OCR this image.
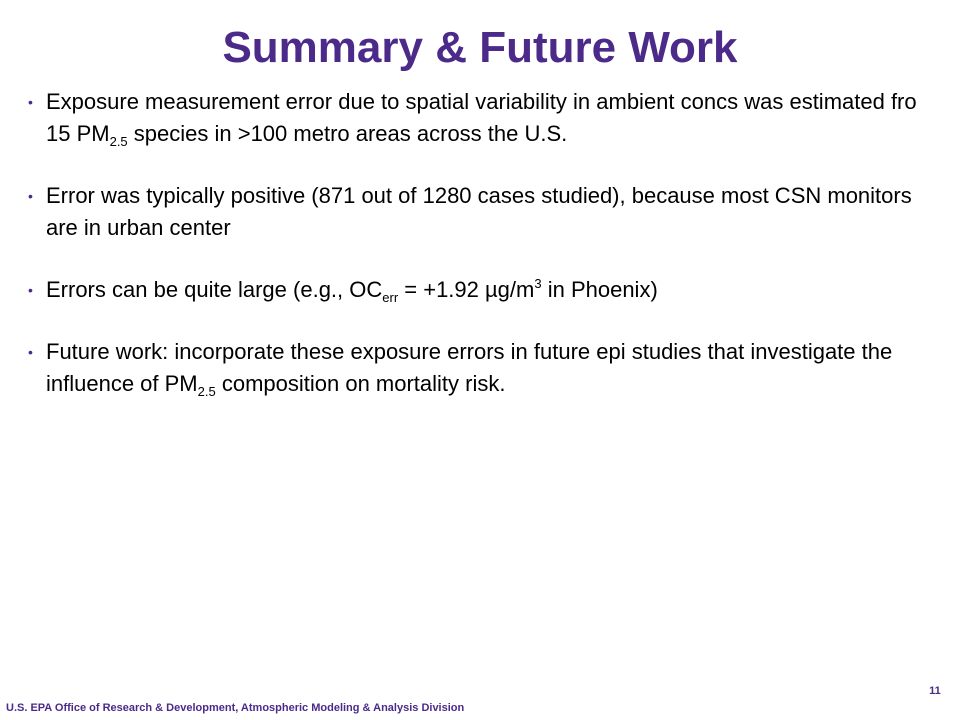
Summary & Future Work
• Exposure measurement error due to spatial variability in ambient concs was estimated fro 15 $PM_{2.5}$ species in >100 metro areas across the U.S.
• Error was typically positive (871 out of 1280 cases studied), because most CSN monitors are in urban center
• Errors can be quite large (e.g., $OC_{err} = +1.92$ $\mu g/m^3$ in Phoenix)
• Future work: incorporate these exposure errors in future epi studies that investigate the influence of $PM_{2.5}$ composition on mortality risk.
11
U.S. EPA Office of Research & Development, Atmospheric Modeling & Analysis Division
